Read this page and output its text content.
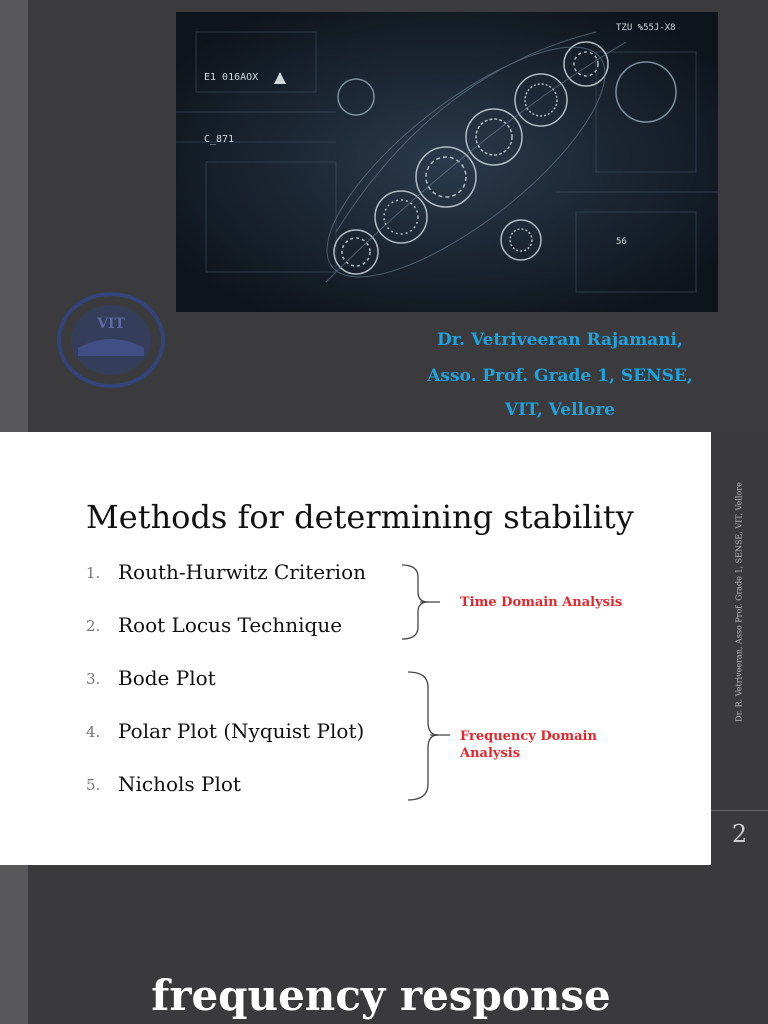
TZU %55J-X8
E1 016AOX
C_871
56
VIT
Dr. Vetriveeran Rajamani,
Asso. Prof. Grade 1, SENSE,
VIT, Vellore
Methods for determining stability
1. Routh-Hurwitz Criterion
2. Root Locus Technique
3. Bode Plot
4. Polar Plot (Nyquist Plot)
5. Nichols Plot
Time Domain Analysis
Frequency Domain
Analysis
Dr. R. Vetriveeran, Asso Prof. Grade 1, SENSE, VIT, Vellore
2
frequency response
